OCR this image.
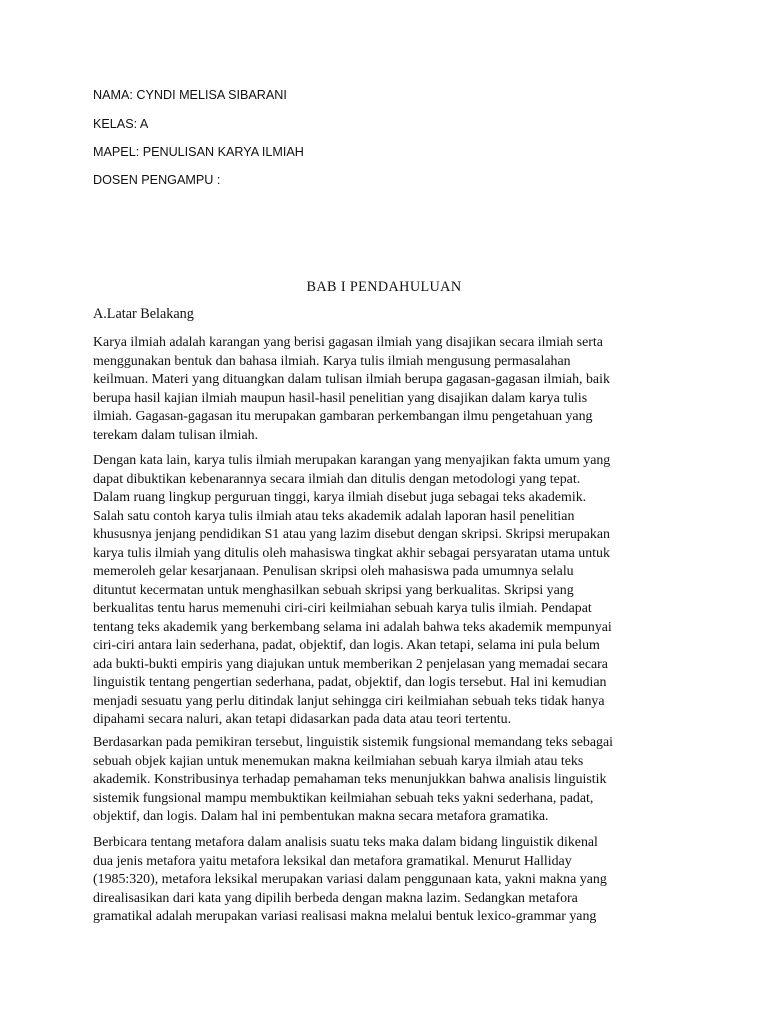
NAMA: CYNDI MELISA SIBARANI
KELAS: A
MAPEL: PENULISAN KARYA ILMIAH
DOSEN PENGAMPU :
BAB I PENDAHULUAN
A.Latar Belakang
Karya ilmiah adalah karangan yang berisi gagasan ilmiah yang disajikan secara ilmiah serta
menggunakan bentuk dan bahasa ilmiah. Karya tulis ilmiah mengusung permasalahan
keilmuan. Materi yang dituangkan dalam tulisan ilmiah berupa gagasan-gagasan ilmiah, baik
berupa hasil kajian ilmiah maupun hasil-hasil penelitian yang disajikan dalam karya tulis
ilmiah. Gagasan-gagasan itu merupakan gambaran perkembangan ilmu pengetahuan yang
terekam dalam tulisan ilmiah.
Dengan kata lain, karya tulis ilmiah merupakan karangan yang menyajikan fakta umum yang
dapat dibuktikan kebenarannya secara ilmiah dan ditulis dengan metodologi yang tepat.
Dalam ruang lingkup perguruan tinggi, karya ilmiah disebut juga sebagai teks akademik.
Salah satu contoh karya tulis ilmiah atau teks akademik adalah laporan hasil penelitian
khususnya jenjang pendidikan S1 atau yang lazim disebut dengan skripsi. Skripsi merupakan
karya tulis ilmiah yang ditulis oleh mahasiswa tingkat akhir sebagai persyaratan utama untuk
memeroleh gelar kesarjanaan. Penulisan skripsi oleh mahasiswa pada umumnya selalu
dituntut kecermatan untuk menghasilkan sebuah skripsi yang berkualitas. Skripsi yang
berkualitas tentu harus memenuhi ciri-ciri keilmiahan sebuah karya tulis ilmiah. Pendapat
tentang teks akademik yang berkembang selama ini adalah bahwa teks akademik mempunyai
ciri-ciri antara lain sederhana, padat, objektif, dan logis. Akan tetapi, selama ini pula belum
ada bukti-bukti empiris yang diajukan untuk memberikan 2 penjelasan yang memadai secara
linguistik tentang pengertian sederhana, padat, objektif, dan logis tersebut. Hal ini kemudian
menjadi sesuatu yang perlu ditindak lanjut sehingga ciri keilmiahan sebuah teks tidak hanya
dipahami secara naluri, akan tetapi didasarkan pada data atau teori tertentu.
Berdasarkan pada pemikiran tersebut, linguistik sistemik fungsional memandang teks sebagai
sebuah objek kajian untuk menemukan makna keilmiahan sebuah karya ilmiah atau teks
akademik. Konstribusinya terhadap pemahaman teks menunjukkan bahwa analisis linguistik
sistemik fungsional mampu membuktikan keilmiahan sebuah teks yakni sederhana, padat,
objektif, dan logis. Dalam hal ini pembentukan makna secara metafora gramatika.
Berbicara tentang metafora dalam analisis suatu teks maka dalam bidang linguistik dikenal
dua jenis metafora yaitu metafora leksikal dan metafora gramatikal. Menurut Halliday
(1985:320), metafora leksikal merupakan variasi dalam penggunaan kata, yakni makna yang
direalisasikan dari kata yang dipilih berbeda dengan makna lazim. Sedangkan metafora
gramatikal adalah merupakan variasi realisasi makna melalui bentuk lexico-grammar yang
